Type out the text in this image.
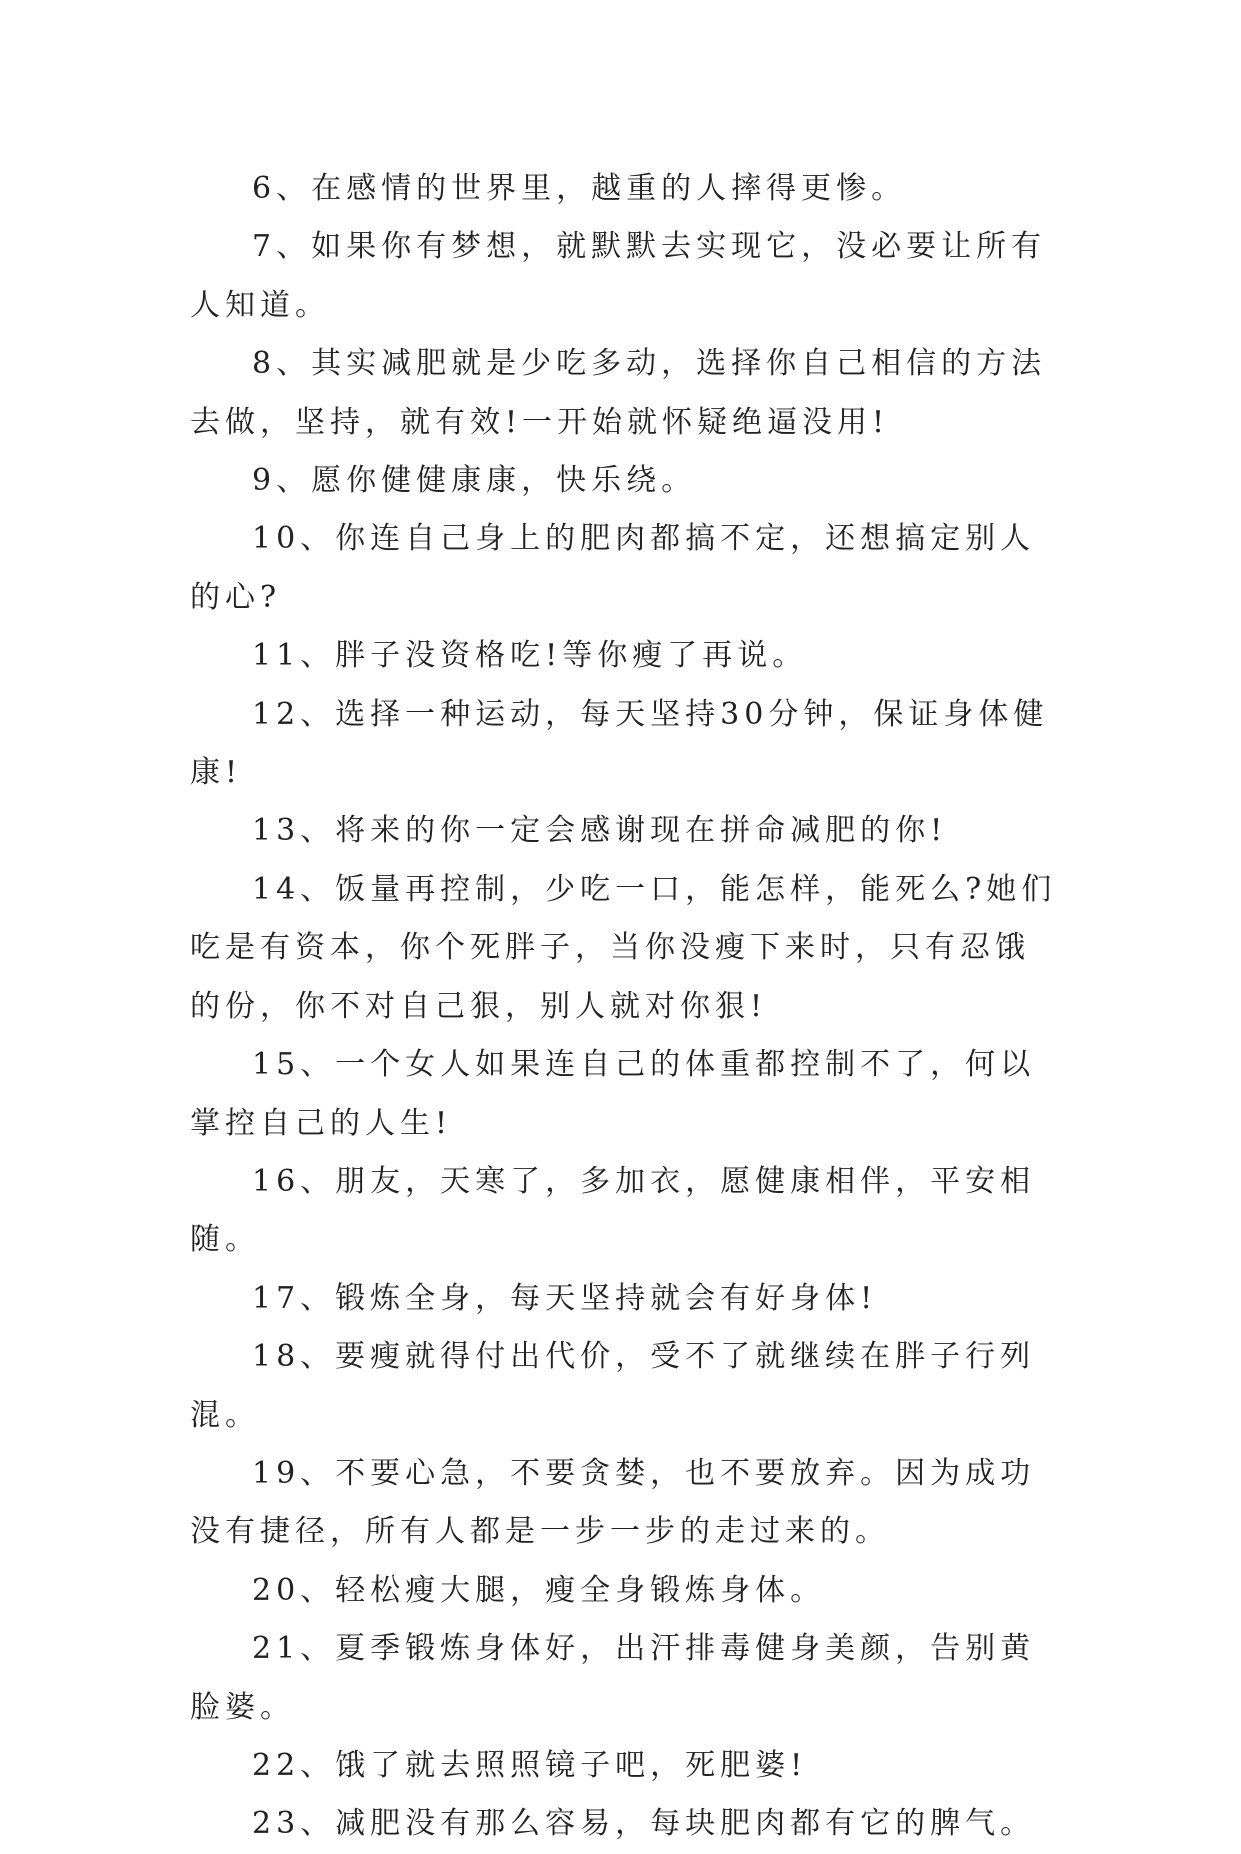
6、在感情的世界里，越重的人摔得更惨。

7、如果你有梦想，就默默去实现它，没必要让所有人知道。

8、其实减肥就是少吃多动，选择你自己相信的方法去做，坚持，就有效!一开始就怀疑绝逼没用!

9、愿你健健康康，快乐绕。

10、你连自己身上的肥肉都搞不定，还想搞定别人的心?

11、胖子没资格吃!等你瘦了再说。

12、选择一种运动，每天坚持30分钟，保证身体健康!

13、将来的你一定会感谢现在拼命减肥的你!

14、饭量再控制，少吃一口，能怎样，能死么?她们吃是有资本，你个死胖子，当你没瘦下来时，只有忍饿的份，你不对自己狠，别人就对你狠!

15、一个女人如果连自己的体重都控制不了，何以掌控自己的人生!

16、朋友，天寒了，多加衣，愿健康相伴，平安相随。

17、锻炼全身，每天坚持就会有好身体!

18、要瘦就得付出代价，受不了就继续在胖子行列混。

19、不要心急，不要贪婪，也不要放弃。因为成功没有捷径，所有人都是一步一步的走过来的。

20、轻松瘦大腿，瘦全身锻炼身体。

21、夏季锻炼身体好，出汗排毒健身美颜，告别黄脸婆。

22、饿了就去照照镜子吧，死肥婆!

23、减肥没有那么容易，每块肥肉都有它的脾气。
